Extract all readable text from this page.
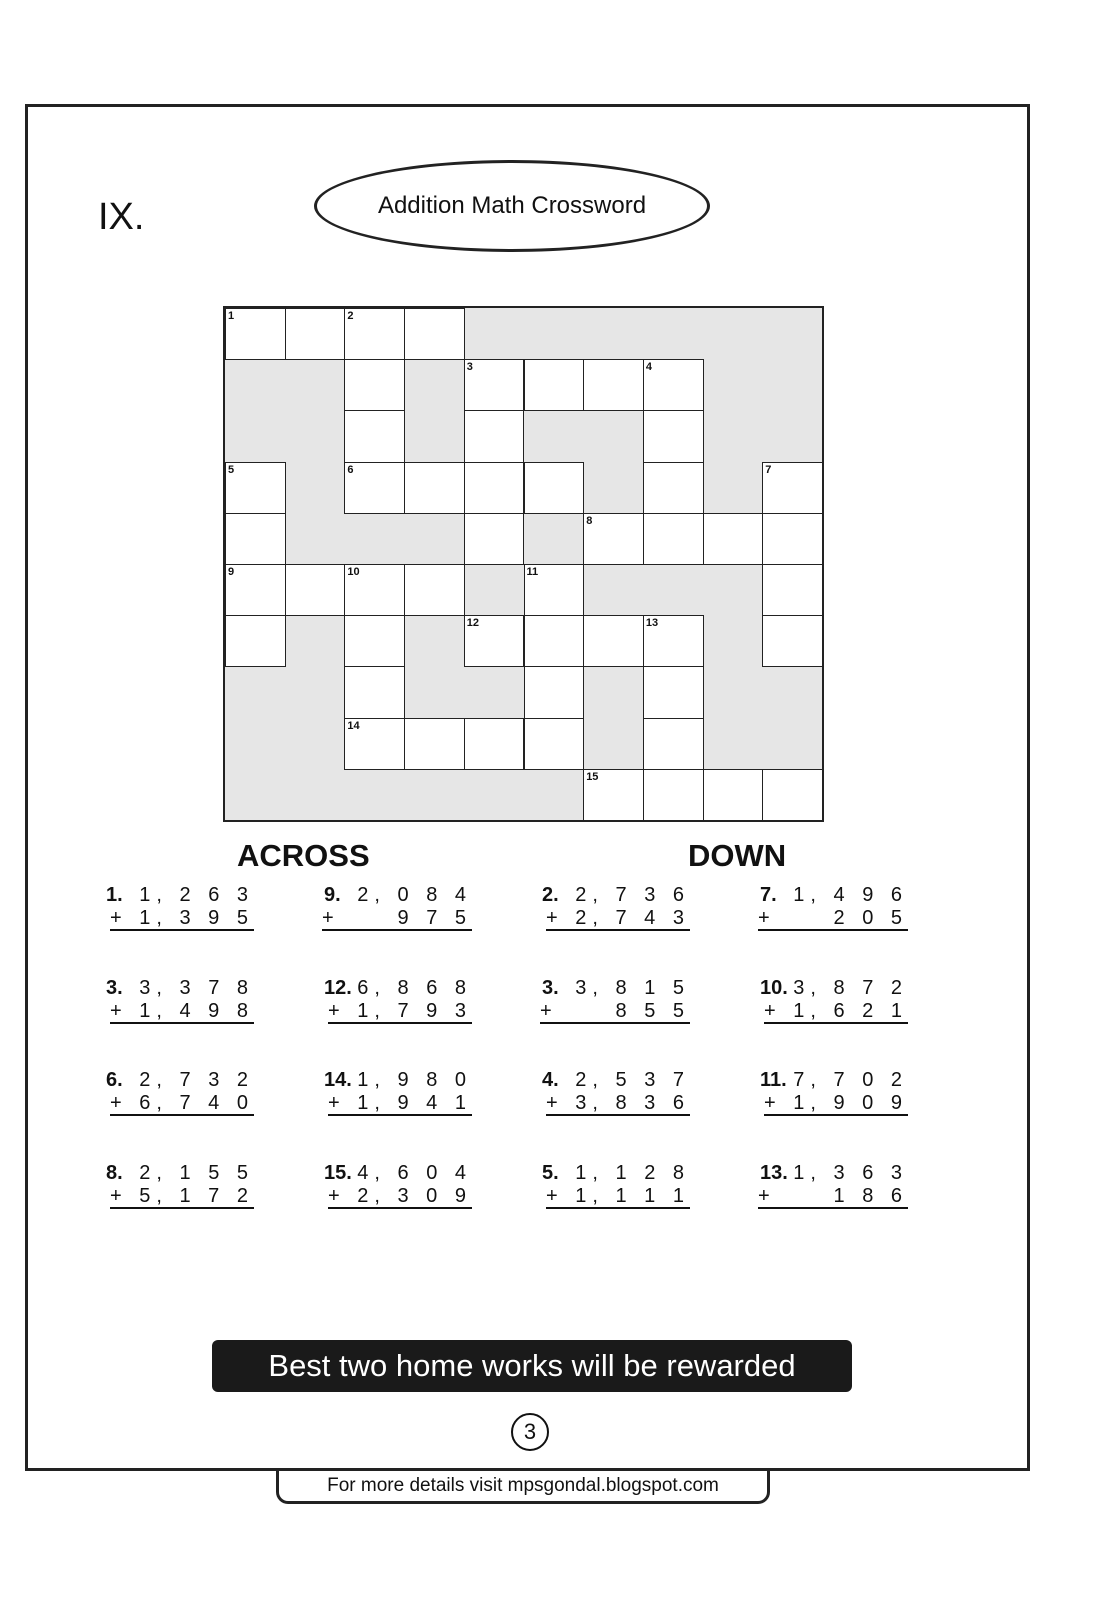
IX.	Addition Math Crossword
1	2
3	4
5	6	7
8
9	10	11
12	13
14
15
ACROSS	DOWN
1. 1, 2 6 3
+ 1, 3 9 5
2. 2, 7 3 6
+ 2, 7 4 3
3. 3, 3 7 8
+ 1, 4 9 8
3. 3, 8 1 5
+     8 5 5
6. 2, 7 3 2
+ 6, 7 4 0
4. 2, 5 3 7
+ 3, 8 3 6
8. 2, 1 5 5
+ 5, 1 7 2
5. 1, 1 2 8
+ 1, 1 1 1
9. 2, 0 8 4
+     9 7 5
7. 1, 4 9 6
+     2 0 5
12. 6, 8 6 8
+ 1, 7 9 3
10. 3, 8 7 2
+ 1, 6 2 1
14. 1, 9 8 0
+ 1, 9 4 1
11. 7, 7 0 2
+ 1, 9 0 9
15. 4, 6 0 4
+ 2, 3 0 9
13. 1, 3 6 3
+     1 8 6
Best two home works will be rewarded
3
For more details visit mpsgondal.blogspot.com
